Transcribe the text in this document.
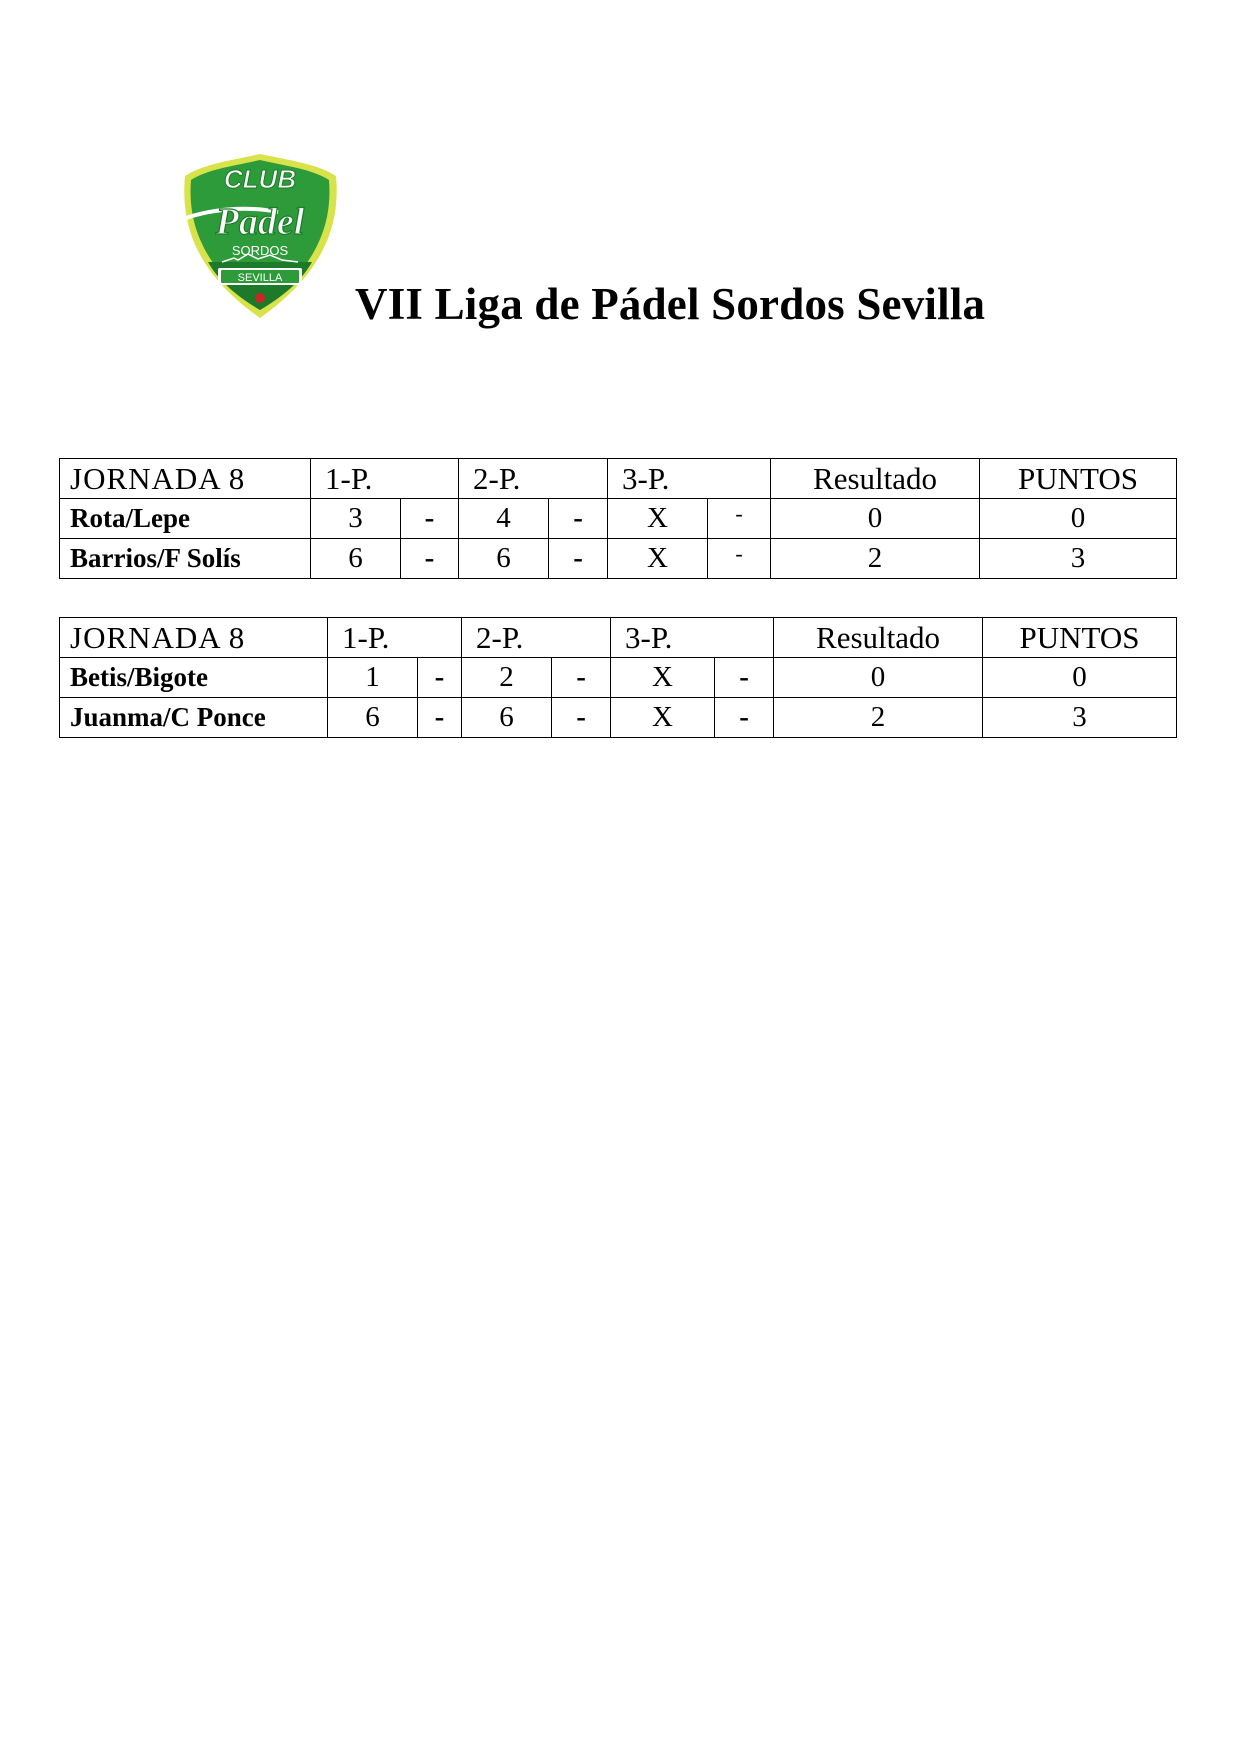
SEVILLA
CLUB
Padel
SORDOS
VII Liga de Pádel Sordos Sevilla
JORNADA 8	1-P.		2-P.		3-P.		Resultado	PUNTOS
Rota/Lepe	3	-	4	-	X	-	0	0
Barrios/F Solís	6	-	6	-	X	-	2	3
JORNADA 8	1-P.		2-P.		3-P.		Resultado	PUNTOS
Betis/Bigote	1	-	2	-	X	-	0	0
Juanma/C Ponce	6	-	6	-	X	-	2	3
